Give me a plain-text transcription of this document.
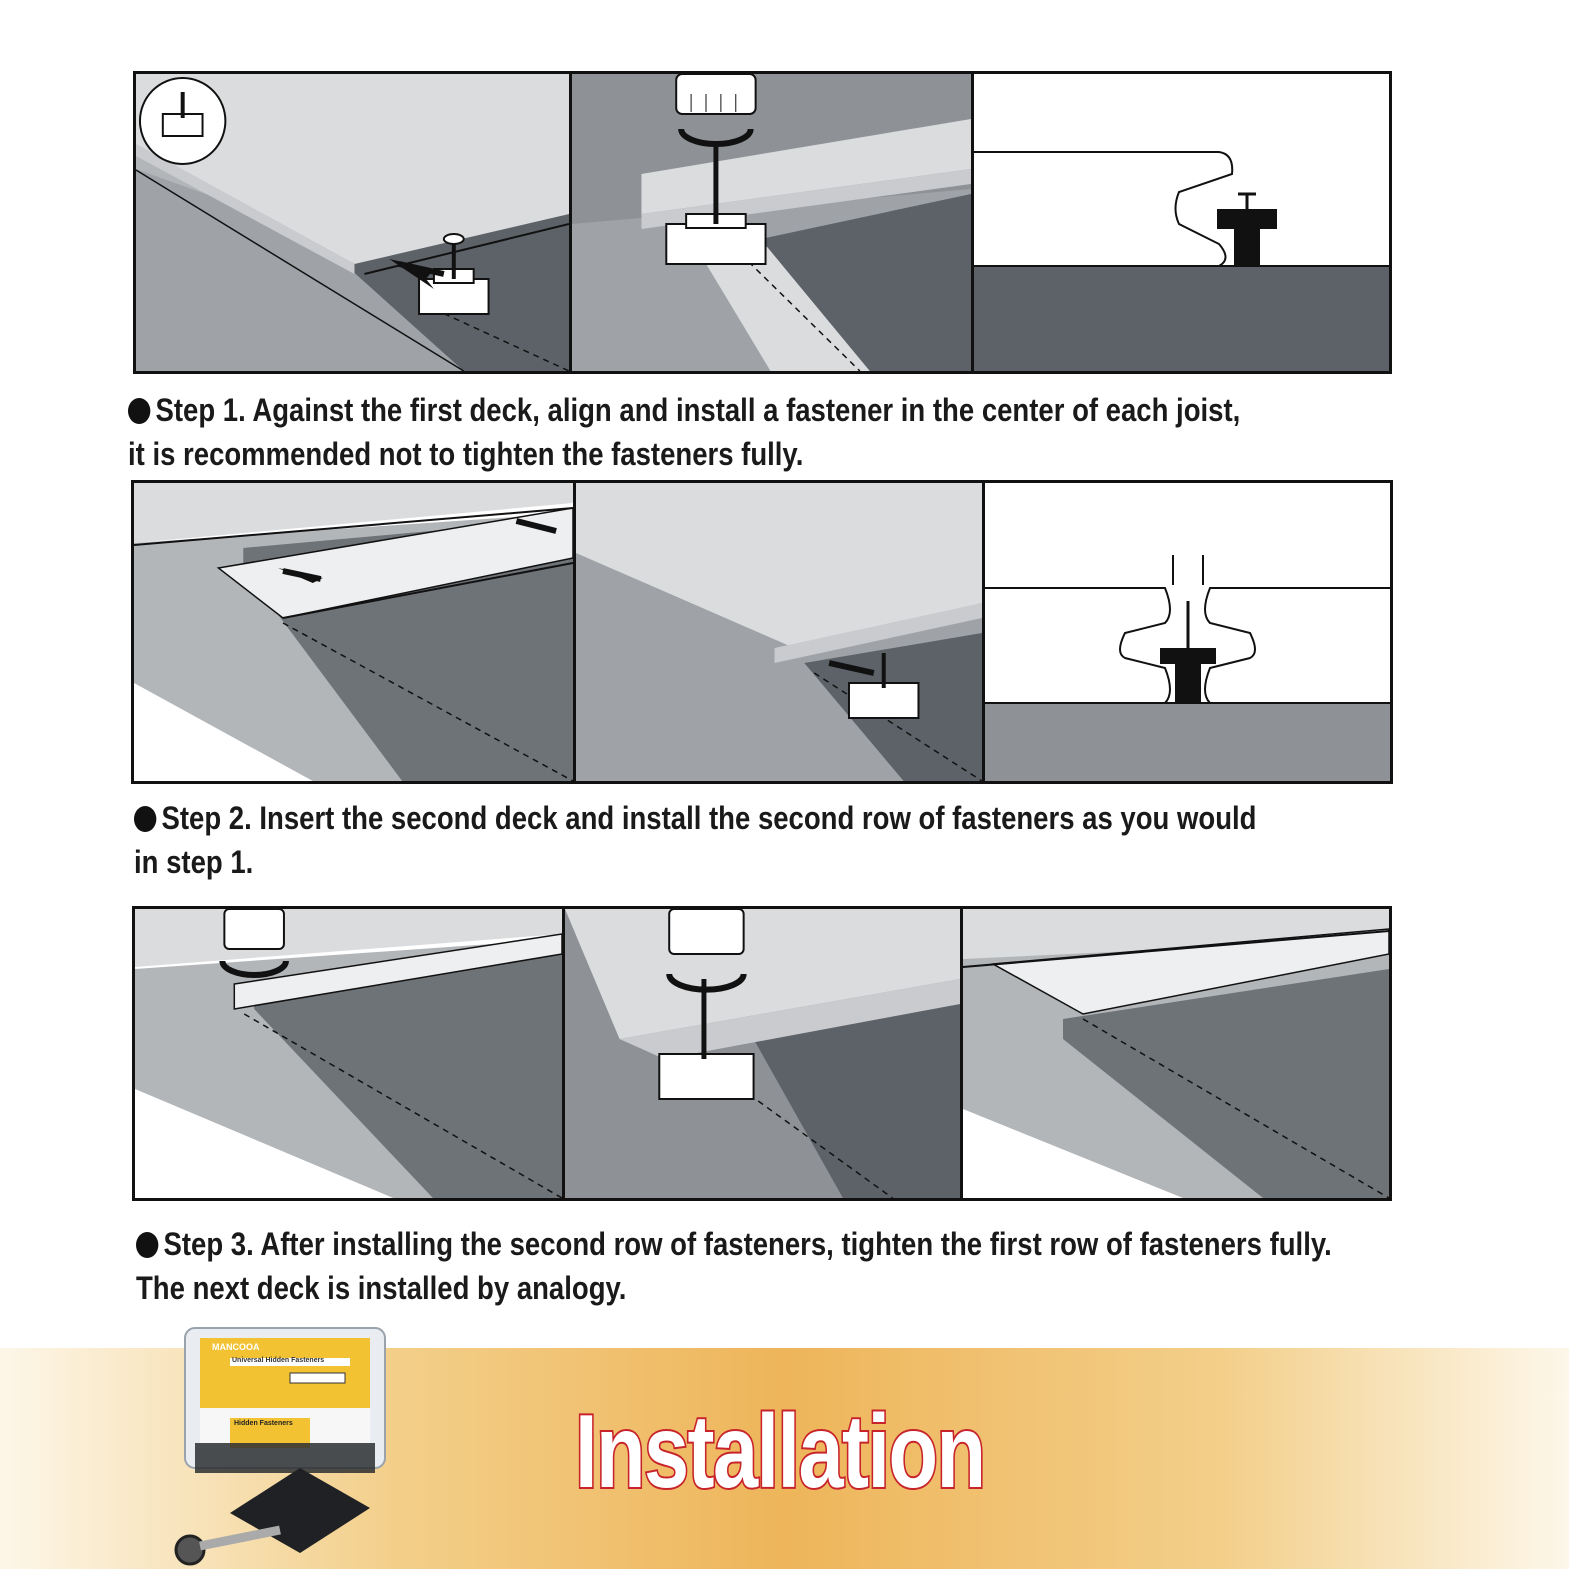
Step 1. Against the first deck, align and install a fastener in the center of each joist,
it is recommended not to tighten the fasteners fully.
Step 2. Insert the second deck and install the second row of fasteners as you would
in step 1.
Step 3. After installing the second row of fasteners, tighten the first row of fasteners fully.
The next deck is installed by analogy.
MANCOOA
Universal Hidden Fasteners
Hidden Fasteners	Installation
